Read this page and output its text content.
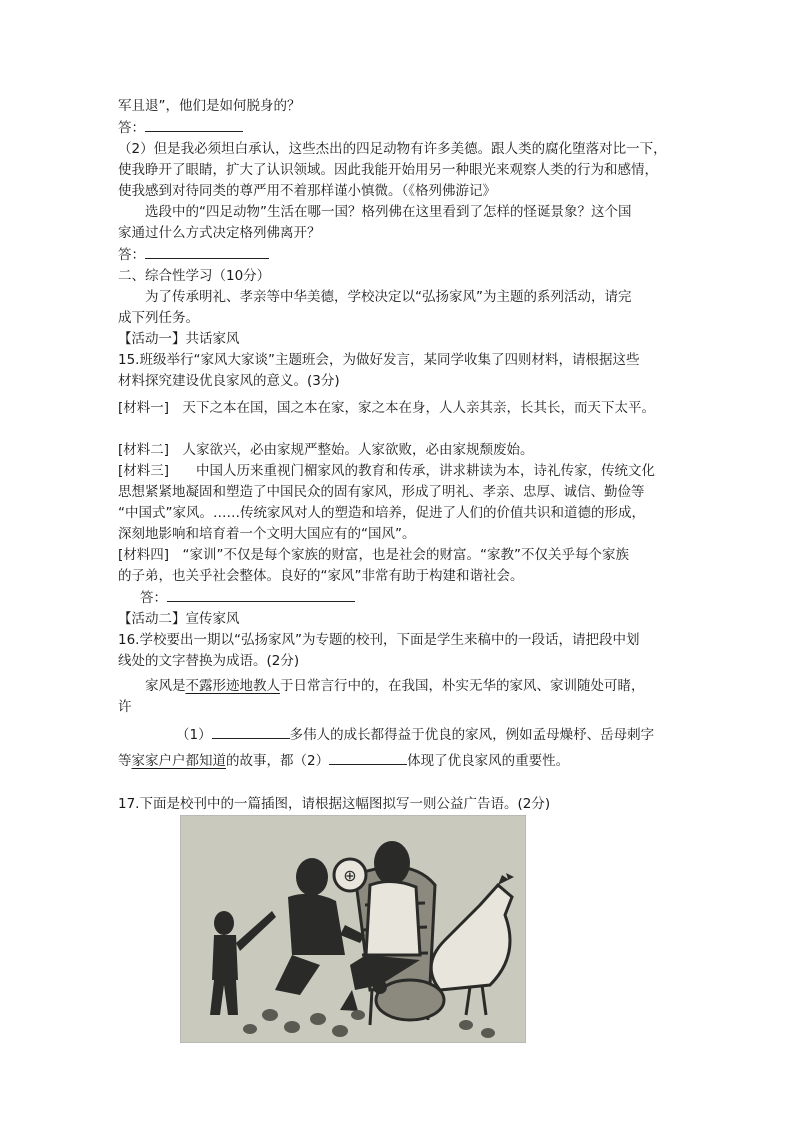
军且退”，他们是如何脱身的？
答：
（2）但是我必须坦白承认，这些杰出的四足动物有许多美德。跟人类的腐化堕落对比一下，
使我睁开了眼睛，扩大了认识领域。因此我能开始用另一种眼光来观察人类的行为和感情，
使我感到对待同类的尊严用不着那样谨小慎微。（《格列佛游记》
选段中的“四足动物”生活在哪一国？格列佛在这里看到了怎样的怪诞景象？这个国
家通过什么方式决定格列佛离开？
答：
二、综合性学习（10分）
为了传承明礼、孝亲等中华美德，学校决定以“弘扬家风”为主题的系列活动，请完
成下列任务。
【活动一】共话家风
15.班级举行“家风大家谈”主题班会，为做好发言，某同学收集了四则材料，请根据这些
材料探究建设优良家风的意义。(3分)
[材料一]　天下之本在国，国之本在家，家之本在身，人人亲其亲，长其长，而天下太平。
[材料二]　人家欲兴，必由家规严整始。人家欲败，必由家规颓废始。
[材料三]　　中国人历来重视门楣家风的教育和传承，讲求耕读为本，诗礼传家，传统文化
思想紧紧地凝固和塑造了中国民众的固有家风，形成了明礼、孝亲、忠厚、诚信、勤俭等
“中国式”家风。……传统家风对人的塑造和培养，促进了人们的价值共识和道德的形成，
深刻地影响和培育着一个文明大国应有的“国风”。
[材料四]　“家训”不仅是每个家族的财富，也是社会的财富。“家教”不仅关乎每个家族
的子弟，也关乎社会整体。良好的“家风”非常有助于构建和谐社会。
答：
【活动二】宣传家风
16.学校要出一期以“弘扬家风”为专题的校刊，下面是学生来稿中的一段话，请把段中划
线处的文字替换为成语。(2分)
家风是不露形迹地教人于日常言行中的，在我国，朴实无华的家风、家训随处可睹，
许
（1）	多伟人的成长都得益于优良的家风，例如孟母燥杼、岳母刺字
等家家户户都知道的故事，都（2）	体现了优良家风的重要性。
17.下面是校刊中的一篇插图，请根据这幅图拟写一则公益广告语。(2分)
⊕
